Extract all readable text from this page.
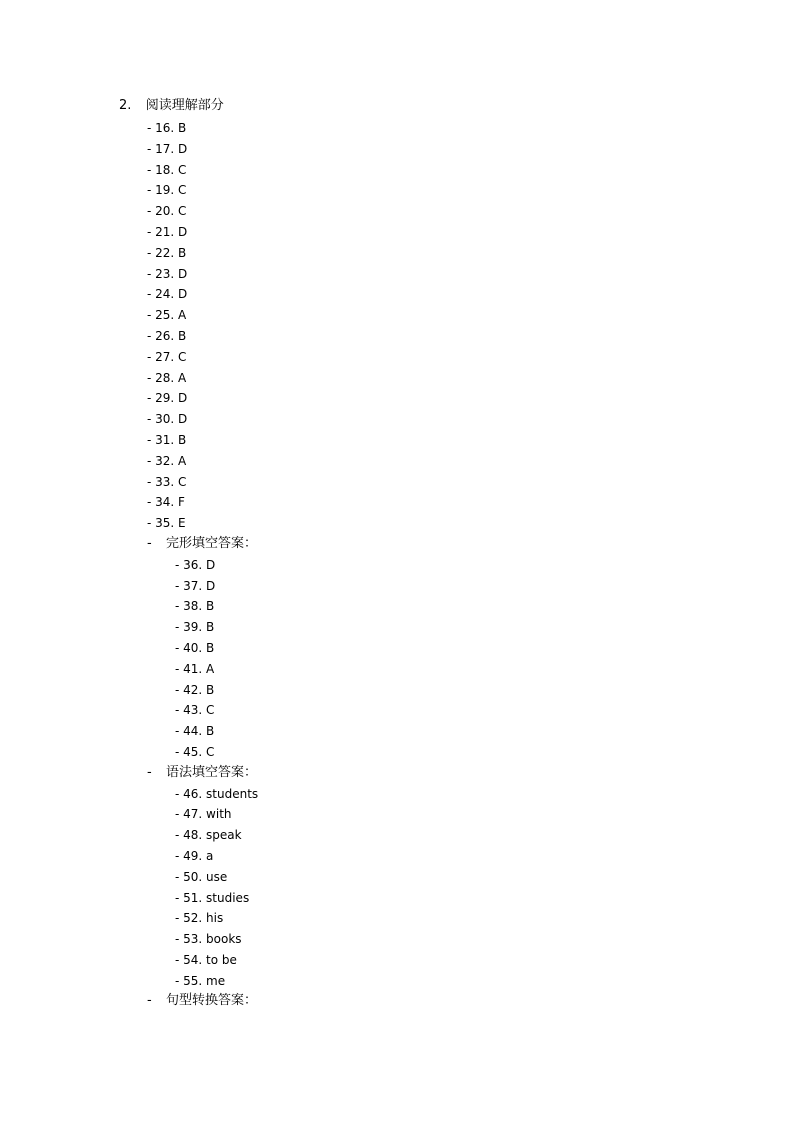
2. 阅读理解部分
- 16. B
- 17. D
- 18. C
- 19. C
- 20. C
- 21. D
- 22. B
- 23. D
- 24. D
- 25. A
- 26. B
- 27. C
- 28. A
- 29. D
- 30. D
- 31. B
- 32. A
- 33. C
- 34. F
- 35. E
- 完形填空答案：
- 36. D
- 37. D
- 38. B
- 39. B
- 40. B
- 41. A
- 42. B
- 43. C
- 44. B
- 45. C
- 语法填空答案：
- 46. students
- 47. with
- 48. speak
- 49. a
- 50. use
- 51. studies
- 52. his
- 53. books
- 54. to be
- 55. me
- 句型转换答案：
